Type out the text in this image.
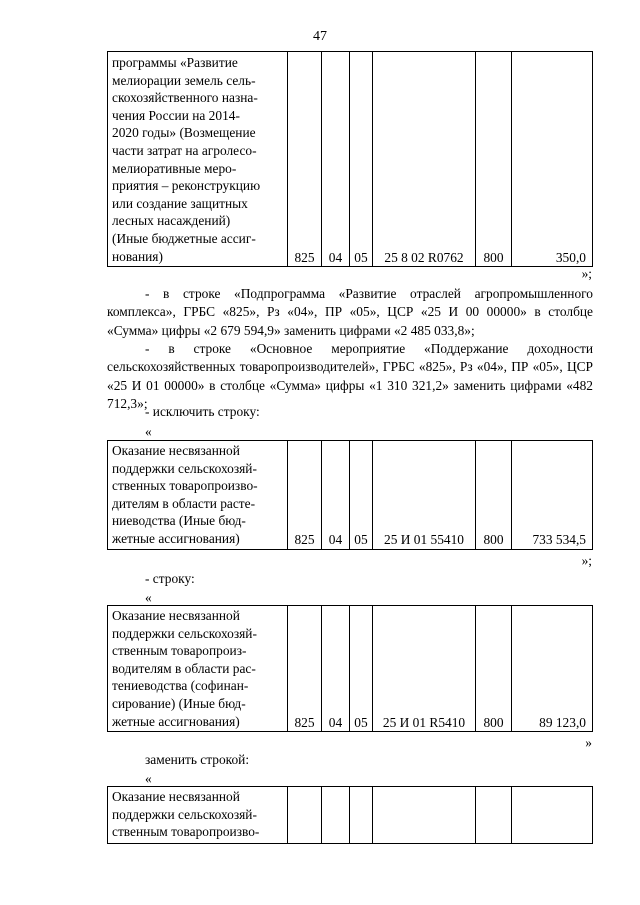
47
программы «Развитие
мелиорации земель сель-
скохозяйственного назна-
чения России на 2014-
2020 годы» (Возмещение
части затрат на агролесо-
мелиоративные меро-
приятия – реконструкцию
или создание защитных
лесных насаждений)
(Иные бюджетные ассиг-
нования)	825	04	05	25 8 02 R0762	800	350,0
»;
- в строке «Подпрограмма «Развитие отраслей агропромышленного комплекса», ГРБС «825», Рз «04», ПР «05», ЦСР «25 И 00 00000» в столбце «Сумма» цифры «2 679 594,9» заменить цифрами «2 485 033,8»;
- в строке «Основное мероприятие «Поддержание доходности сельскохозяйственных товаропроизводителей», ГРБС «825», Рз «04», ПР «05», ЦСР «25 И 01 00000» в столбце «Сумма» цифры «1 310 321,2» заменить цифрами «482 712,3»;
- исключить строку:
«
Оказание несвязанной
поддержки сельскохозяй-
ственных товаропроизво-
дителям в области расте-
ниеводства (Иные бюд-
жетные ассигнования)	825	04	05	25 И 01 55410	800	733 534,5
»;
- строку:
«
Оказание несвязанной
поддержки сельскохозяй-
ственным товаропроиз-
водителям в области рас-
тениеводства (софинан-
сирование) (Иные бюд-
жетные ассигнования)	825	04	05	25 И 01 R5410	800	89 123,0
»
заменить строкой:
«
Оказание несвязанной
поддержки сельскохозяй-
ственным товаропроизво-
